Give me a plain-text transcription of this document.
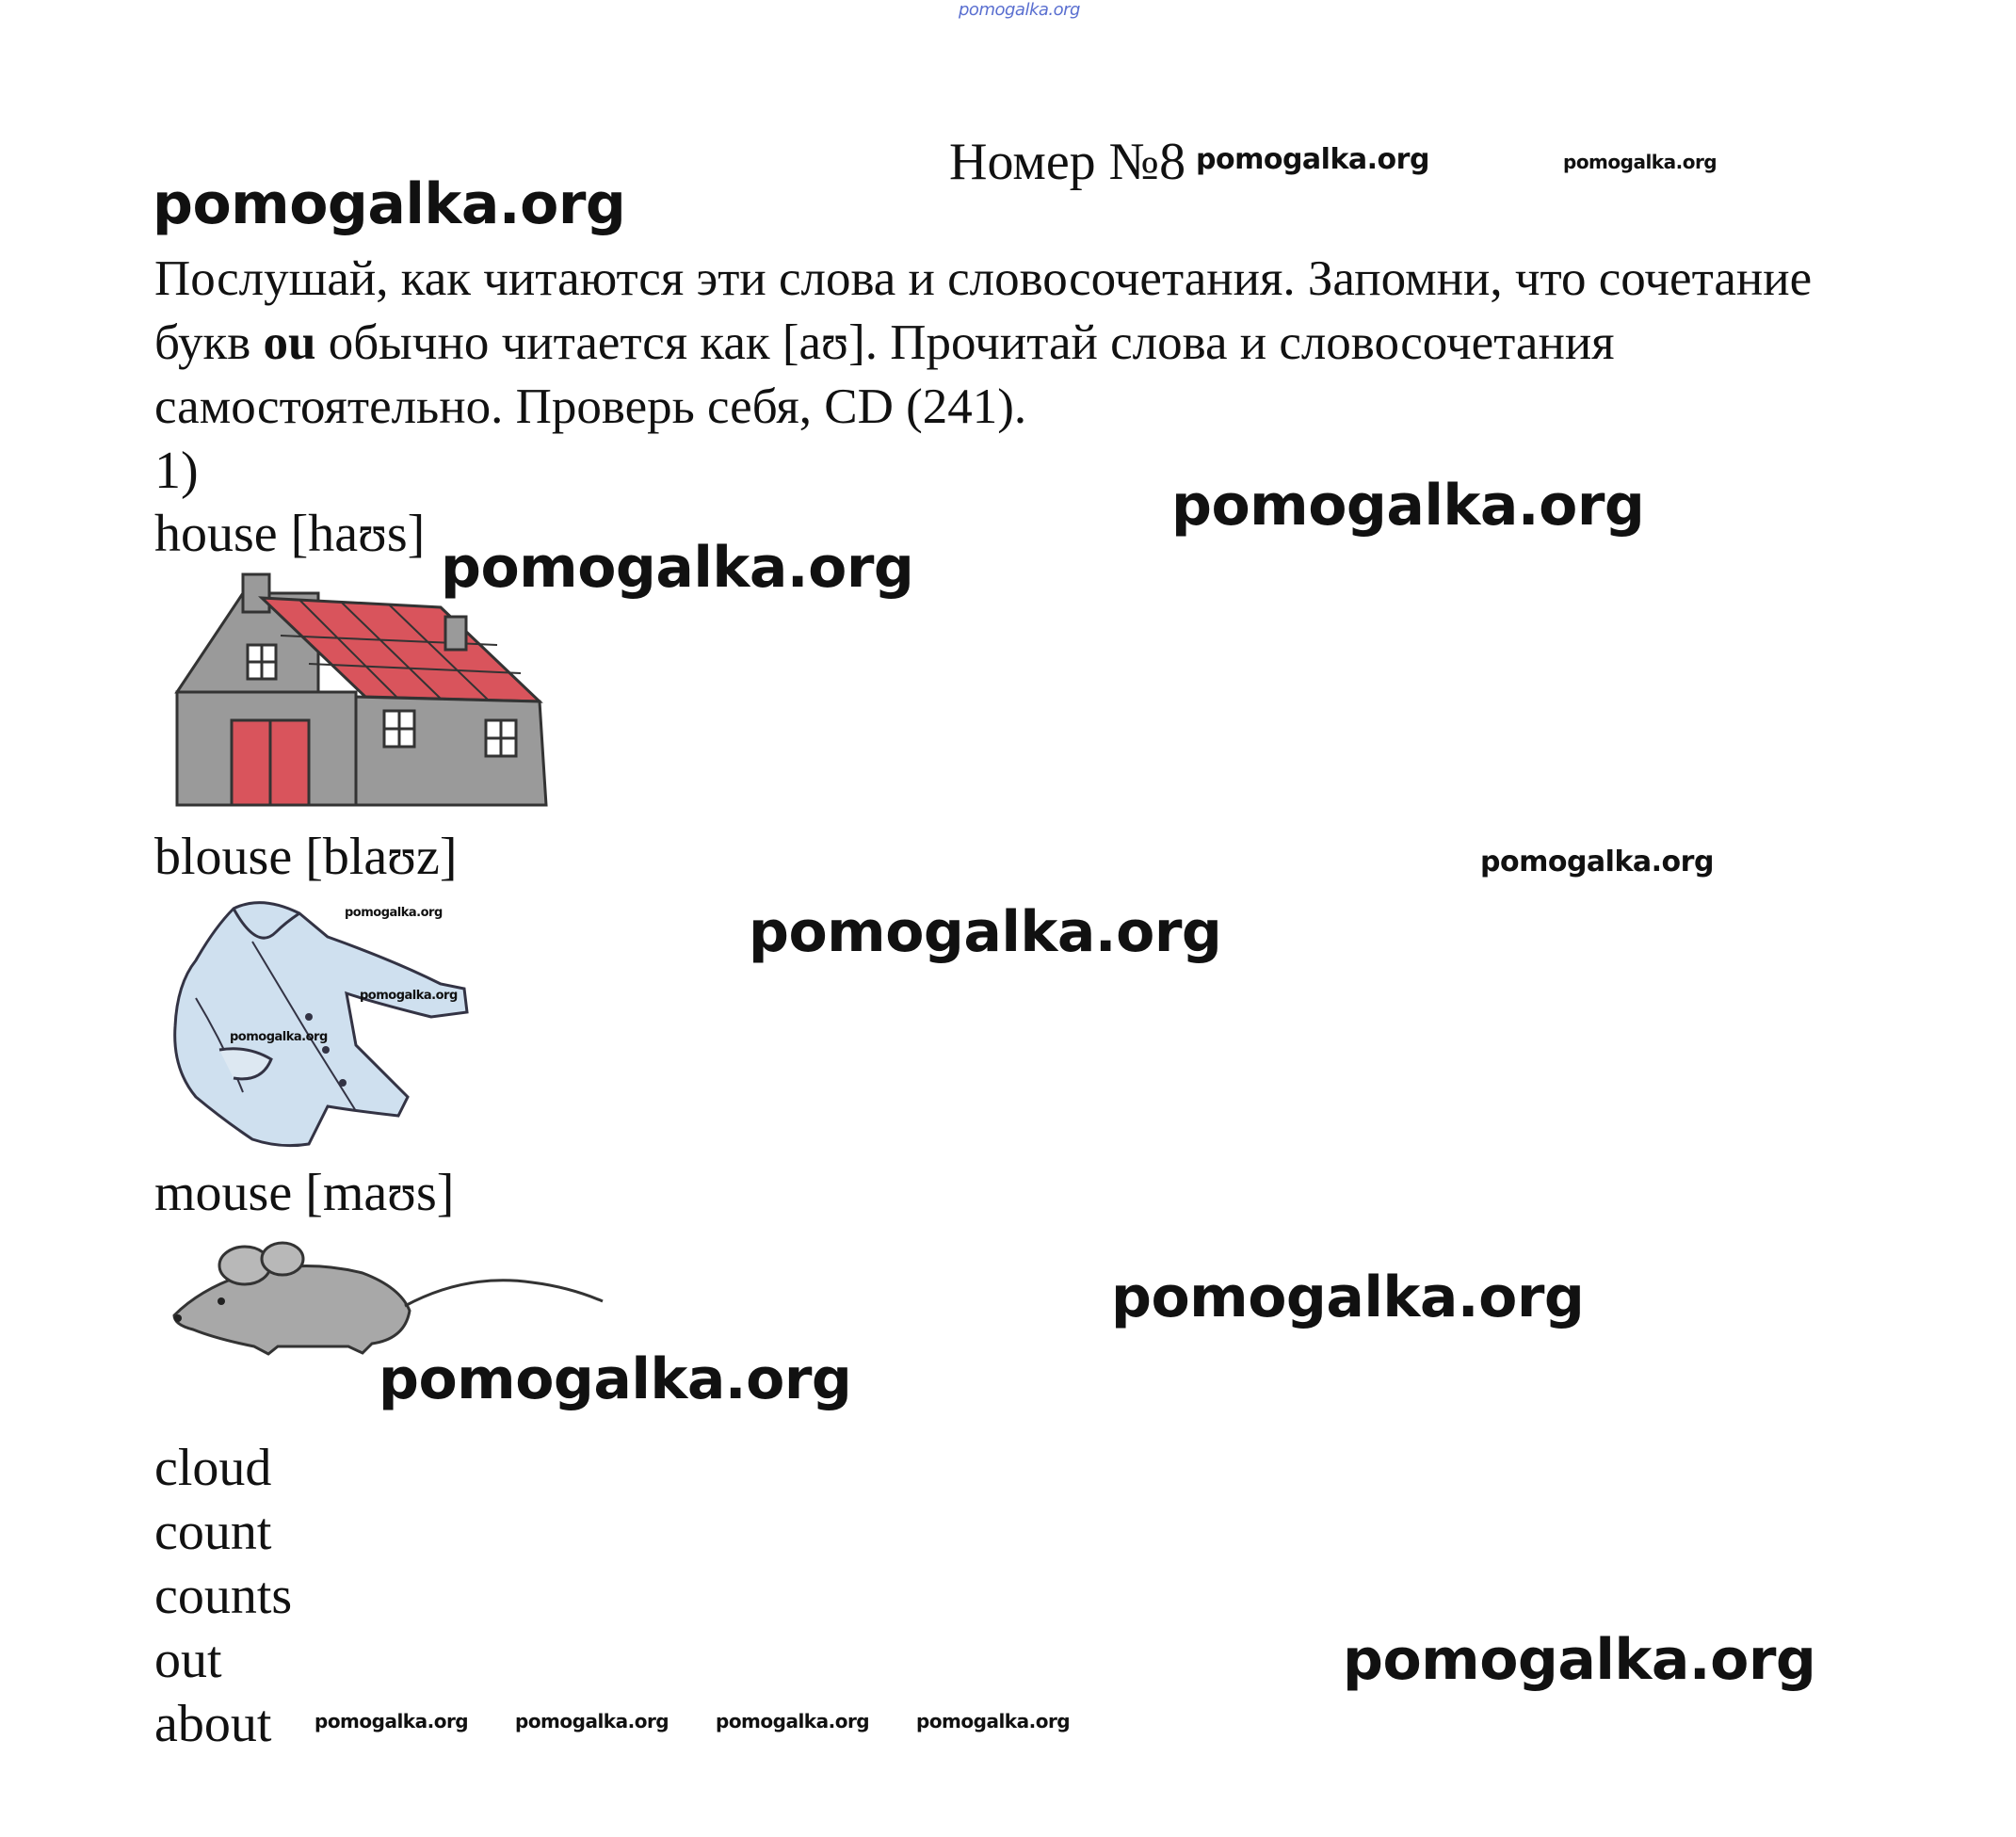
pomogalka.org
Номер №8 pomogalka.org	pomogalka.org
pomogalka.org
Послушай, как читаются эти слова и словосочетания. Запомни, что сочетание букв ou обычно читается как [aʊ]. Прочитай слова и словосочетания самостоятельно. Проверь себя, CD (241).
1)
house [haʊs]	pomogalka.org
pomogalka.org
blouse [blaʊz]	pomogalka.org
pomogalka.org
pomogalka.org
pomogalka.org
pomogalka.org
mouse [maʊs]
pomogalka.org
pomogalka.org
cloud
count
counts
out
about
pomogalka.org
pomogalka.org pomogalka.org pomogalka.org pomogalka.org
